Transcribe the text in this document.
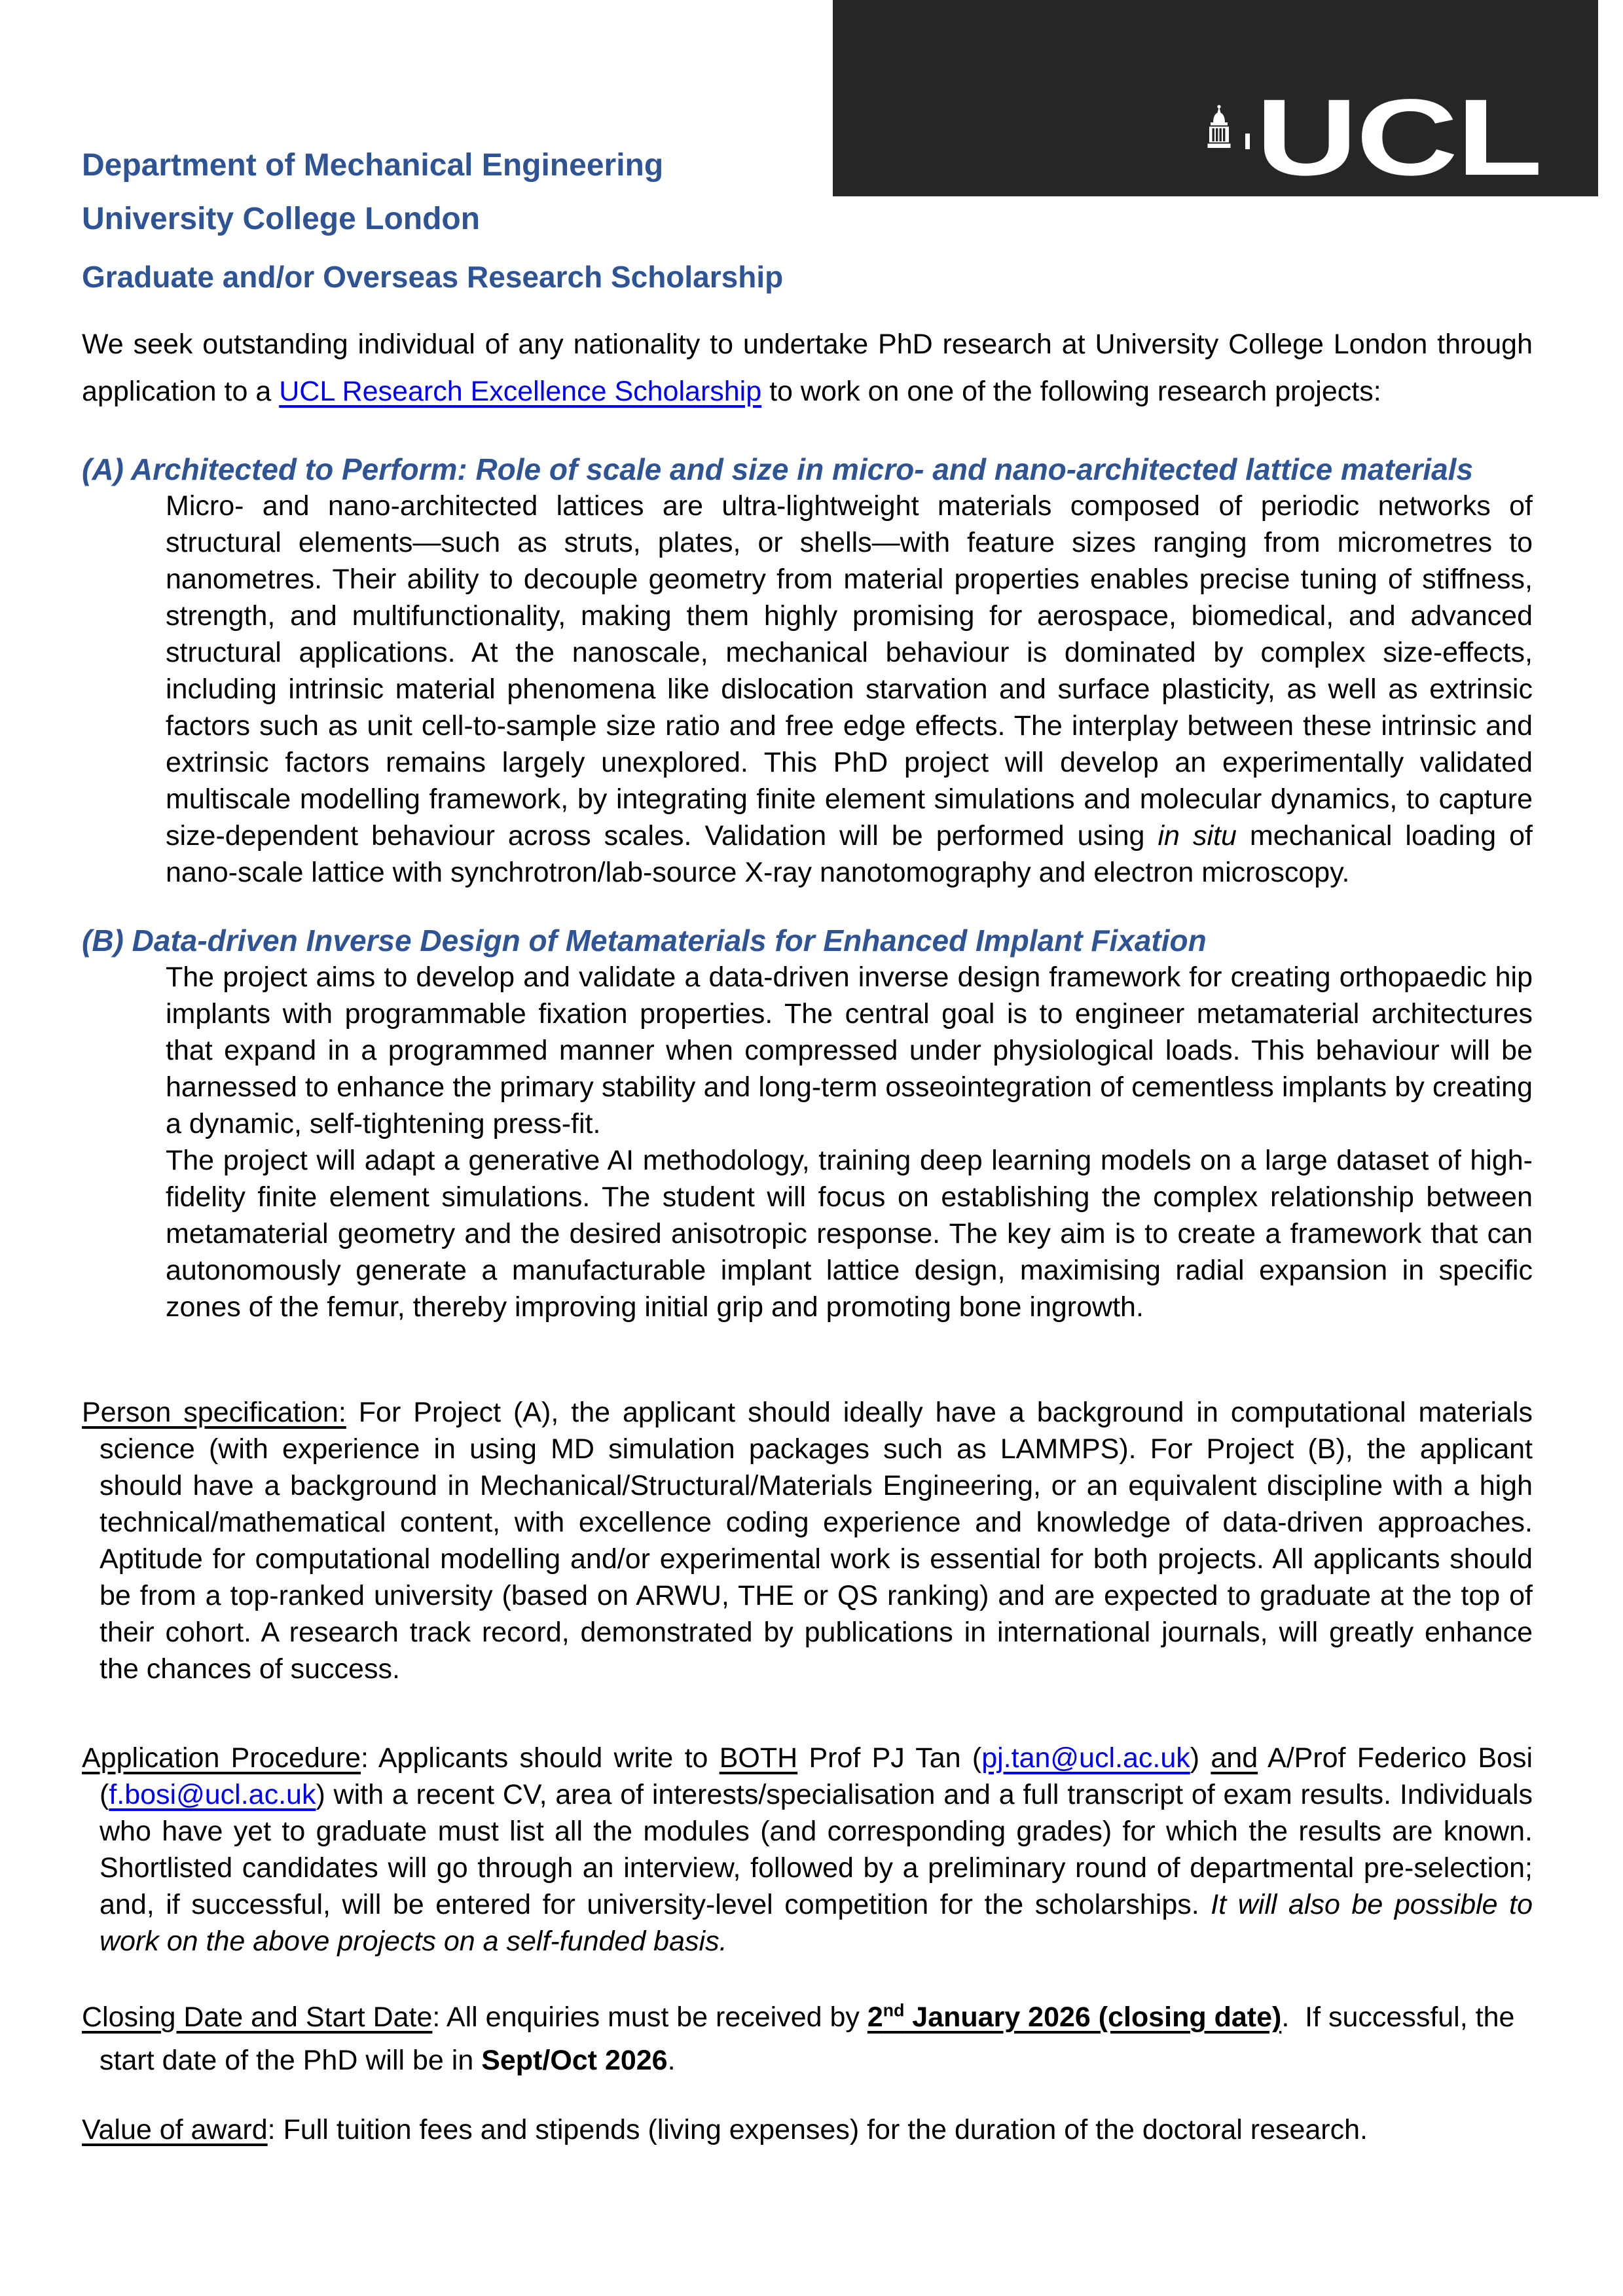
UCL
Department of Mechanical Engineering
University College London

Graduate and/or Overseas Research Scholarship

We seek outstanding individual of any nationality to undertake PhD research at University College London through application to a UCL Research Excellence Scholarship to work on one of the following research projects:

(A) Architected to Perform: Role of scale and size in micro- and nano-architected lattice materials

Micro- and nano-architected lattices are ultra-lightweight materials composed of periodic networks of structural elements—such as struts, plates, or shells—with feature sizes ranging from micrometres to nanometres. Their ability to decouple geometry from material properties enables precise tuning of stiffness, strength, and multifunctionality, making them highly promising for aerospace, biomedical, and advanced structural applications. At the nanoscale, mechanical behaviour is dominated by complex size-effects, including intrinsic material phenomena like dislocation starvation and surface plasticity, as well as extrinsic factors such as unit cell-to-sample size ratio and free edge effects. The interplay between these intrinsic and extrinsic factors remains largely unexplored. This PhD project will develop an experimentally validated multiscale modelling framework, by integrating finite element simulations and molecular dynamics, to capture size-dependent behaviour across scales. Validation will be performed using in situ mechanical loading of nano-scale lattice with synchrotron/lab-source X-ray nanotomography and electron microscopy.

(B) Data-driven Inverse Design of Metamaterials for Enhanced Implant Fixation

The project aims to develop and validate a data-driven inverse design framework for creating orthopaedic hip implants with programmable fixation properties. The central goal is to engineer metamaterial architectures that expand in a programmed manner when compressed under physiological loads. This behaviour will be harnessed to enhance the primary stability and long-term osseointegration of cementless implants by creating a dynamic, self-tightening press-fit.

The project will adapt a generative AI methodology, training deep learning models on a large dataset of high-fidelity finite element simulations. The student will focus on establishing the complex relationship between metamaterial geometry and the desired anisotropic response. The key aim is to create a framework that can autonomously generate a manufacturable implant lattice design, maximising radial expansion in specific zones of the femur, thereby improving initial grip and promoting bone ingrowth.

Person specification: For Project (A), the applicant should ideally have a background in computational materials science (with experience in using MD simulation packages such as LAMMPS). For Project (B), the applicant should have a background in Mechanical/Structural/Materials Engineering, or an equivalent discipline with a high technical/mathematical content, with excellence coding experience and knowledge of data-driven approaches. Aptitude for computational modelling and/or experimental work is essential for both projects. All applicants should be from a top-ranked university (based on ARWU, THE or QS ranking) and are expected to graduate at the top of their cohort. A research track record, demonstrated by publications in international journals, will greatly enhance the chances of success.

Application Procedure: Applicants should write to BOTH Prof PJ Tan (pj.tan@ucl.ac.uk) and A/Prof Federico Bosi (f.bosi@ucl.ac.uk) with a recent CV, area of interests/specialisation and a full transcript of exam results. Individuals who have yet to graduate must list all the modules (and corresponding grades) for which the results are known. Shortlisted candidates will go through an interview, followed by a preliminary round of departmental pre-selection; and, if successful, will be entered for university-level competition for the scholarships. It will also be possible to work on the above projects on a self-funded basis.

Closing Date and Start Date: All enquiries must be received by 2nd January 2026 (closing date).  If successful, the start date of the PhD will be in Sept/Oct 2026.

Value of award: Full tuition fees and stipends (living expenses) for the duration of the doctoral research.
